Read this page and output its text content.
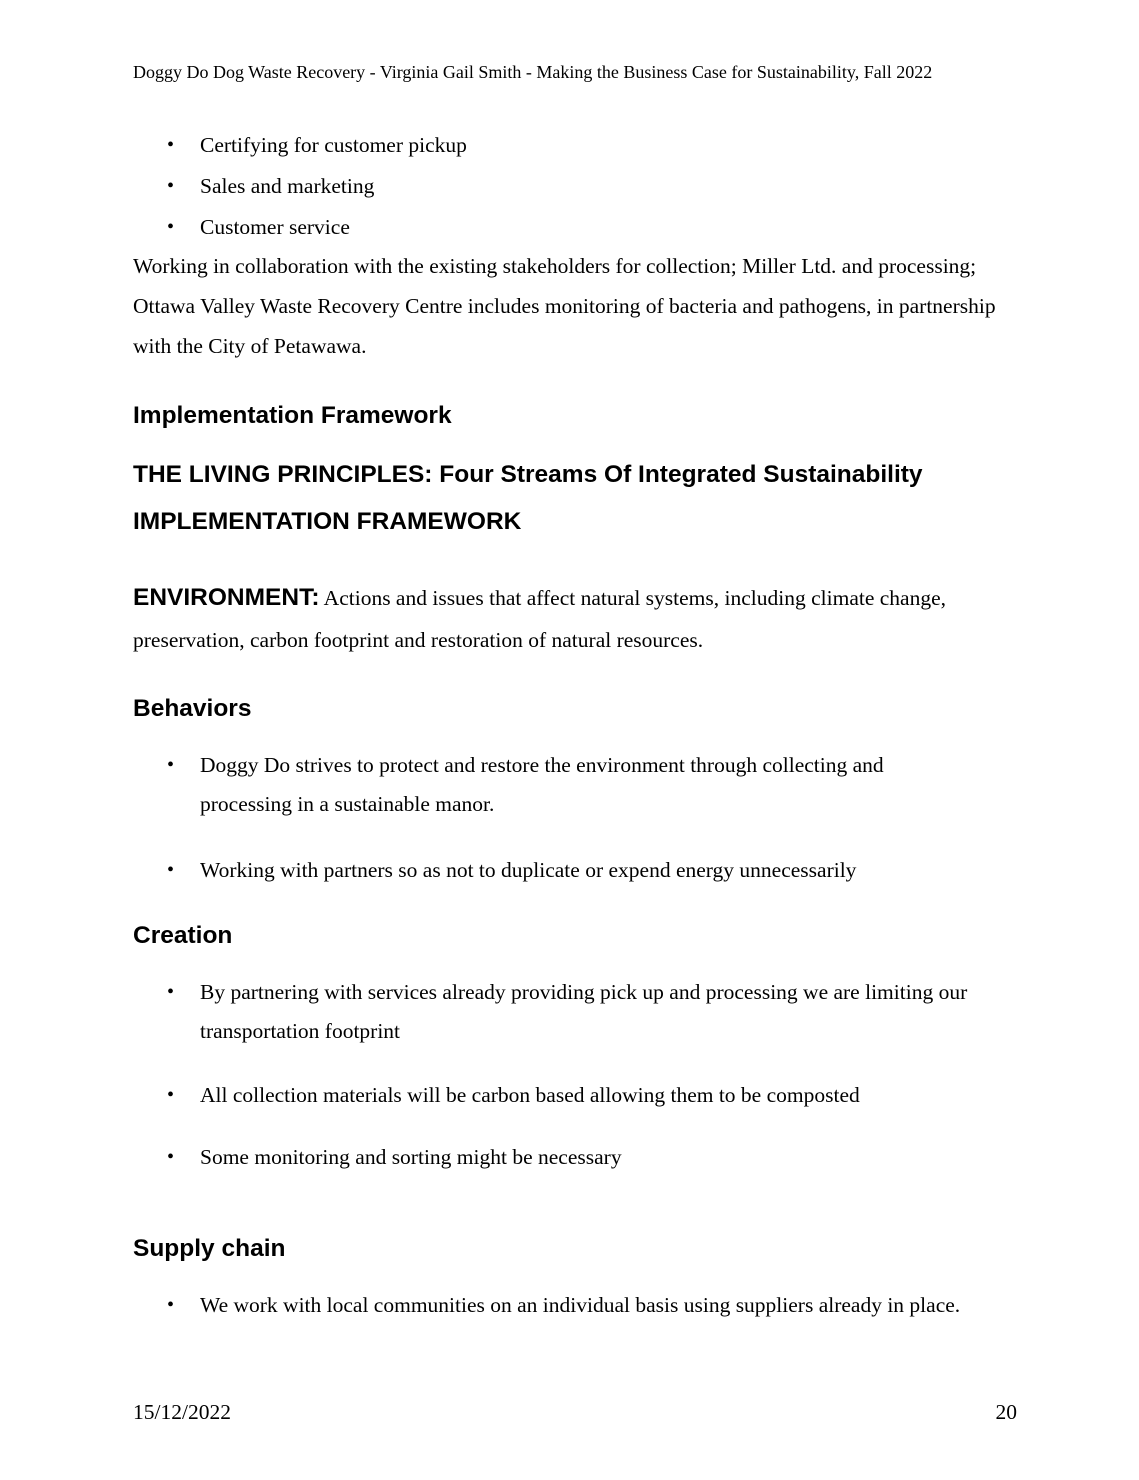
Doggy Do Dog Waste Recovery - Virginia Gail Smith - Making the Business Case for Sustainability, Fall 2022
• Certifying for customer pickup
• Sales and marketing
• Customer service
Working in collaboration with the existing stakeholders for collection; Miller Ltd. and processing; Ottawa Valley Waste Recovery Centre includes monitoring of bacteria and pathogens, in partnership with the City of Petawawa.
Implementation Framework
THE LIVING PRINCIPLES: Four Streams Of Integrated Sustainability
IMPLEMENTATION FRAMEWORK
ENVIRONMENT: Actions and issues that affect natural systems, including climate change, preservation, carbon footprint and restoration of natural resources.
Behaviors
• Doggy Do strives to protect and restore the environment through collecting and processing in a sustainable manor.
• Working with partners so as not to duplicate or expend energy unnecessarily
Creation
• By partnering with services already providing pick up and processing we are limiting our transportation footprint
• All collection materials will be carbon based allowing them to be composted
• Some monitoring and sorting might be necessary
Supply chain
• We work with local communities on an individual basis using suppliers already in place.
15/12/2022	20
